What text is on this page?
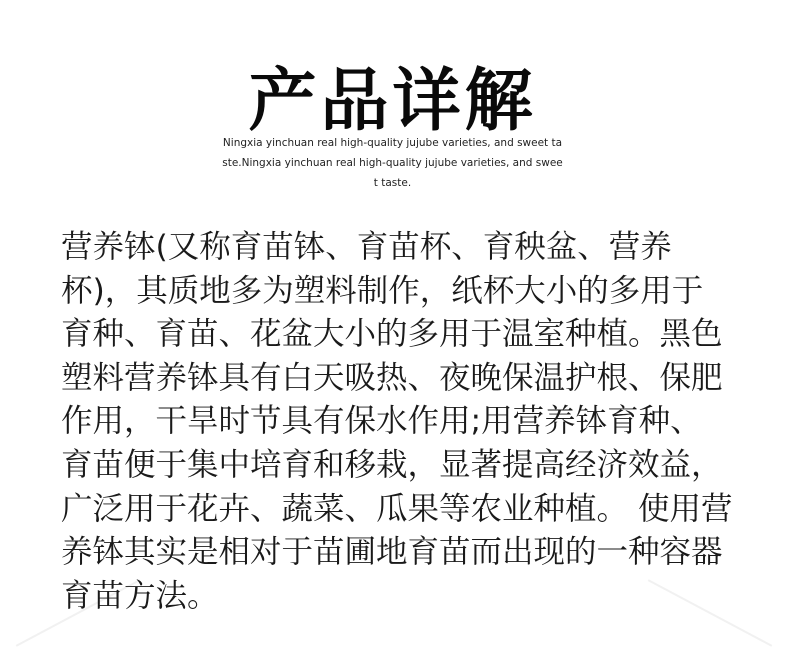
产品详解
Ningxia yinchuan real high-quality jujube varieties, and sweet taste.Ningxia yinchuan real high-quality jujube varieties, and sweet taste.

营养钵(又称育苗钵、育苗杯、育秧盆、营养杯)，其质地多为塑料制作，纸杯大小的多用于育种、育苗、花盆大小的多用于温室种植。黑色塑料营养钵具有白天吸热、夜晚保温护根、保肥作用，干旱时节具有保水作用;用营养钵育种、育苗便于集中培育和移栽，显著提高经济效益，广泛用于花卉、蔬菜、瓜果等农业种植。 使用营养钵其实是相对于苗圃地育苗而出现的一种容器育苗方法。
